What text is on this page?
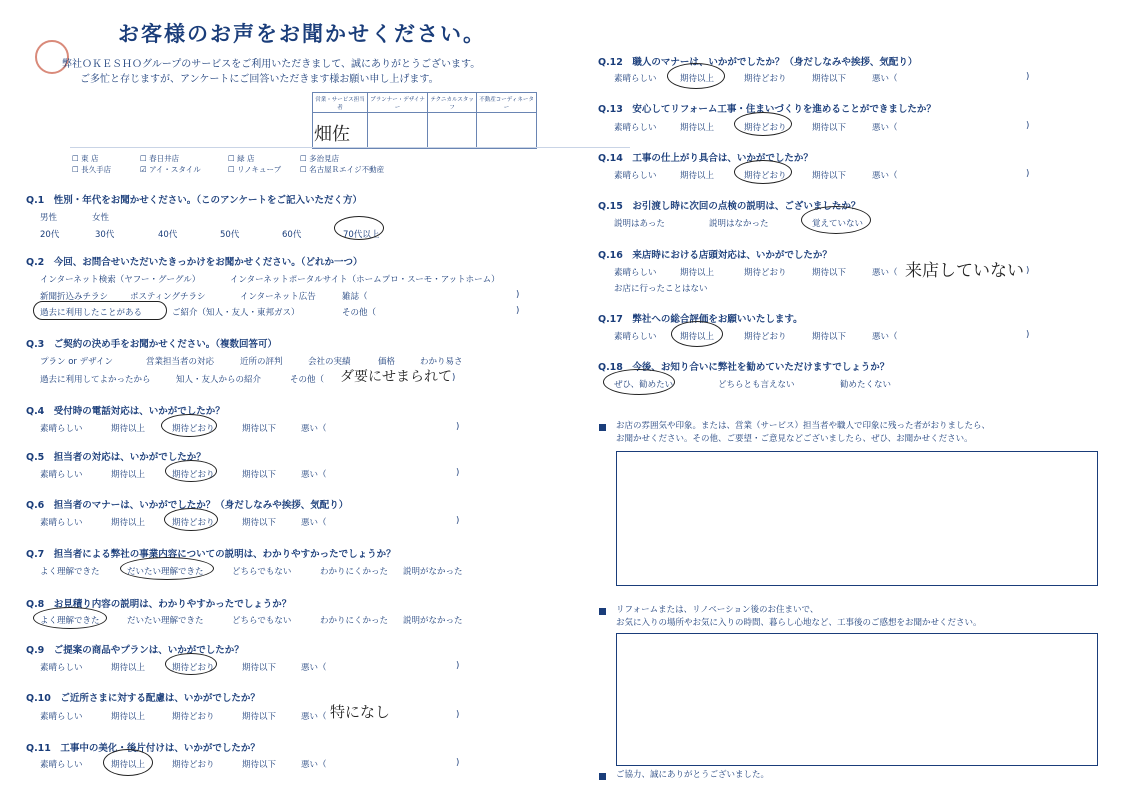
お客様のお声をお聞かせください。
弊社ＯＫＥＳＨＯグループのサービスをご利用いただきまして、誠にありがとうございます。
ご多忙と存じますが、アンケートにご回答いただきます様お願い申し上げます。
営業・サービス担当者	プランナー・デザイナー	テクニカルスタッフ	不動産コーディネーター

畑佐
☐ 東 店	☐ 春日井店	☐ 緑 店	☐ 多治見店
☐ 長久手店	☑ アイ・スタイル	☐ リノキューブ	☐ 名古屋Ｒエイジ不動産
Q.1　性別・年代をお聞かせください。（このアンケートをご記入いただく方）
男性	女性
20代	30代	40代	50代	60代	70代以上
Q.2　今回、お問合せいただいたきっかけをお聞かせください。（どれか一つ）
インターネット検索（ヤフー・グーグル）	インターネットポータルサイト（ホームプロ・スーモ・アットホーム）
新聞折込みチラシ	ポスティングチラシ	インターネット広告	雑誌（	)
過去に利用したことがある	ご紹介（知人・友人・東邦ガス）	その他（	)
Q.3　ご契約の決め手をお聞かせください。（複数回答可）
プラン or デザイン	営業担当者の対応	近所の評判	会社の実績	価格	わかり易さ
過去に利用してよかったから	知人・友人からの紹介	その他（ ダ要にせまられて )
Q.4　受付時の電話対応は、いかがでしたか？
素晴らしい	期待以上	期待どおり	期待以下	悪い（	)
Q.5　担当者の対応は、いかがでしたか？
素晴らしい	期待以上	期待どおり	期待以下	悪い（	)
Q.6　担当者のマナーは、いかがでしたか？（身だしなみや挨拶、気配り）
素晴らしい	期待以上	期待どおり	期待以下	悪い（	)
Q.7　担当者による弊社の事業内容についての説明は、わかりやすかったでしょうか？
よく理解できた	だいたい理解できた	どちらでもない	わかりにくかった 説明がなかった
Q.8　お見積り内容の説明は、わかりやすかったでしょうか？
よく理解できた	だいたい理解できた	どちらでもない	わかりにくかった 説明がなかった
Q.9　ご提案の商品やプランは、いかがでしたか？
素晴らしい	期待以上	期待どおり	期待以下	悪い（	)
Q.10　ご近所さまに対する配慮は、いかがでしたか？
素晴らしい	期待以上	期待どおり	期待以下	悪い（ 特になし	)
Q.11　工事中の美化・後片付けは、いかがでしたか？
素晴らしい	期待以上	期待どおり	期待以下	悪い（	)
Q.12　職人のマナーは、いかがでしたか？（身だしなみや挨拶、気配り）
素晴らしい	期待以上	期待どおり	期待以下	悪い（	)
Q.13　安心してリフォーム工事・住まいづくりを進めることができましたか？
素晴らしい	期待以上	期待どおり	期待以下	悪い（	)
Q.14　工事の仕上がり具合は、いかがでしたか？
素晴らしい	期待以上	期待どおり	期待以下	悪い（	)
Q.15　お引渡し時に次回の点検の説明は、ございましたか？
説明はあった	説明はなかった	覚えていない
Q.16　来店時における店頭対応は、いかがでしたか？
素晴らしい	期待以上	期待どおり	期待以下	悪い（ 来店していない )
お店に行ったことはない
Q.17　弊社への総合評価をお願いいたします。
素晴らしい	期待以上	期待どおり	期待以下	悪い（	)
Q.18　今後、お知り合いに弊社を勧めていただけますでしょうか？
ぜひ、勧めたい	どちらとも言えない	勧めたくない
お店の雰囲気や印象。または、営業（サービス）担当者や職人で印象に残った者がおりましたら、
お聞かせください。その他、ご要望・ご意見などございましたら、ぜひ、お聞かせください。
リフォームまたは、リノベーション後のお住まいで、
お気に入りの場所やお気に入りの時間、暮らし心地など、工事後のご感想をお聞かせください。
ご協力、誠にありがとうございました。
